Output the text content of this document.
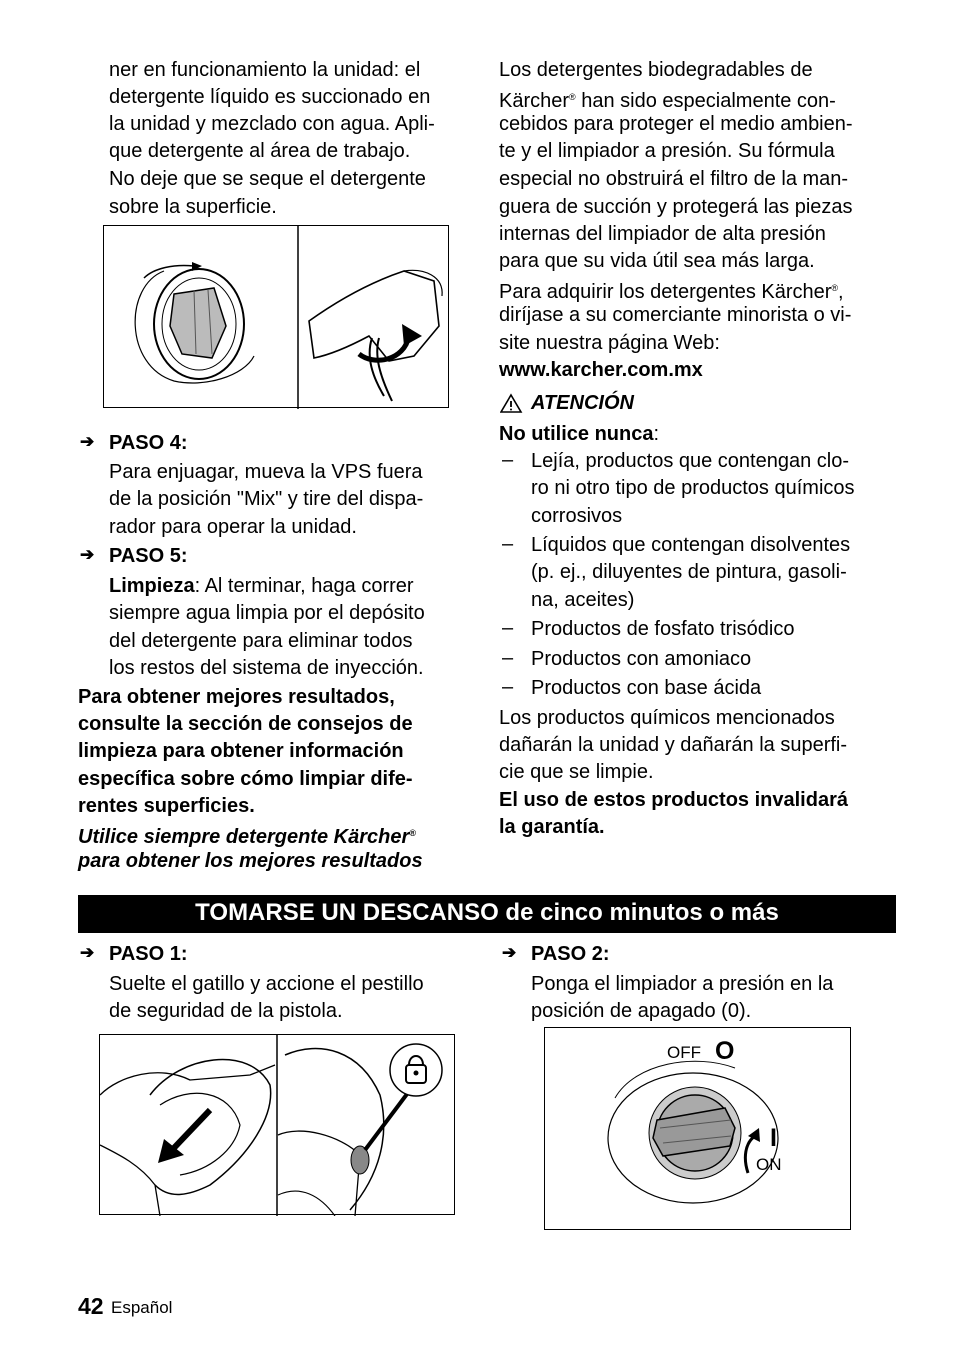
ner en funcionamiento la unidad: el
detergente líquido es succionado en
la unidad y mezclado con agua. Apli-
que detergente al área de trabajo.
No deje que se seque el detergente
sobre la superficie.
➔ PASO 4:
Para enjuagar, mueva la VPS fuera
de la posición "Mix" y tire del dispa-
rador para operar la unidad.
➔ PASO 5:
Limpieza: Al terminar, haga correr
siempre agua limpia por el depósito
del detergente para eliminar todos
los restos del sistema de inyección.
Para obtener mejores resultados,
consulte la sección de consejos de
limpieza para obtener información
específica sobre cómo limpiar dife-
rentes superficies.
Utilice siempre detergente Kärcher®
para obtener los mejores resultados
Los detergentes biodegradables de
Kärcher® han sido especialmente con-
cebidos para proteger el medio ambien-
te y el limpiador a presión. Su fórmula
especial no obstruirá el filtro de la man-
guera de succión y protegerá las piezas
internas del limpiador de alta presión
para que su vida útil sea más larga.
Para adquirir los detergentes Kärcher®,
diríjase a su comerciante minorista o vi-
site nuestra página Web:
www.karcher.com.mx
ATENCIÓN
No utilice nunca:
– Lejía, productos que contengan clo-
ro ni otro tipo de productos químicos
corrosivos
– Líquidos que contengan disolventes
(p. ej., diluyentes de pintura, gasoli-
na, aceites)
– Productos de fosfato trisódico
– Productos con amoniaco
– Productos con base ácida
Los productos químicos mencionados
dañarán la unidad y dañarán la superfi-
cie que se limpie.
El uso de estos productos invalidará
la garantía.
TOMARSE UN DESCANSO de cinco minutos o más
➔ PASO 1:
Suelte el gatillo y accione el pestillo
de seguridad de la pistola.
➔ PASO 2:
Ponga el limpiador a presión en la
posición de apagado (0).
OFF O
I
ON
42 Español
